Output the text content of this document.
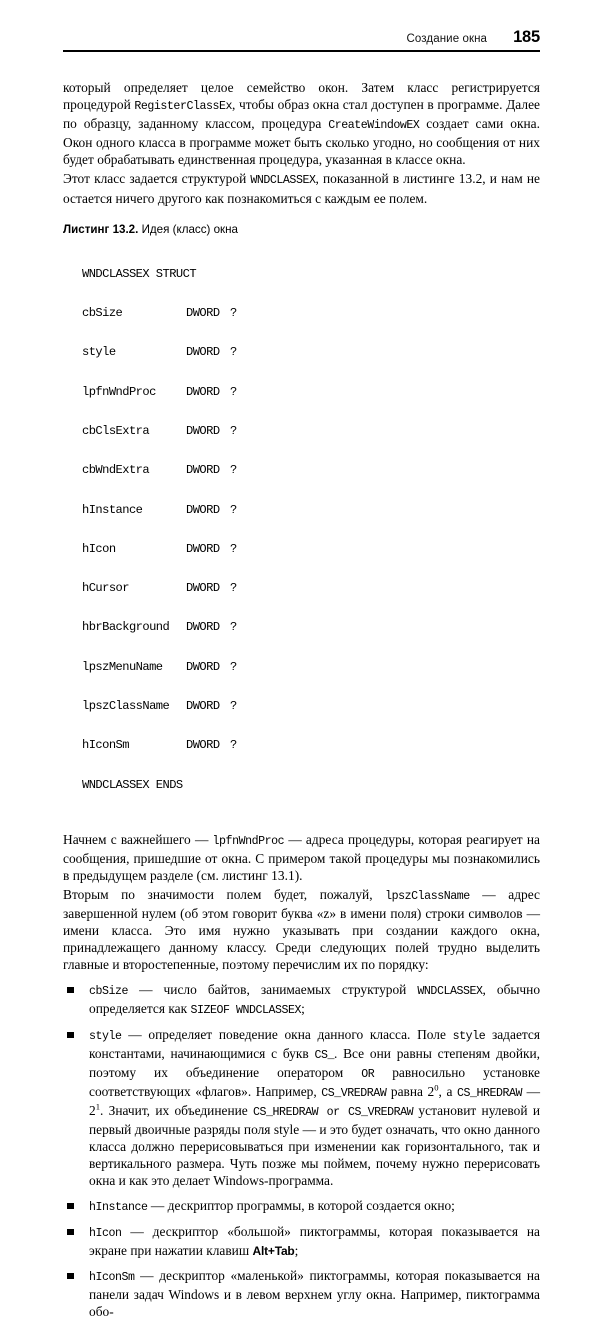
Создание окна 185

который определяет целое семейство окон. Затем класс регистрируется процедурой RegisterClassEx, чтобы образ окна стал доступен в программе. Далее по образцу, заданному классом, процедура CreateWindowEX создает сами окна. Окон одного класса в программе может быть сколько угодно, но сообщения от них будет обрабатывать единственная процедура, указанная в классе окна.

Этот класс задается структурой WNDCLASSEX, показанной в листинге 13.2, и нам не остается ничего другого как познакомиться с каждым ее полем.

Листинг 13.2. Идея (класс) окна

WNDCLASSEX STRUCT

cbSize	DWORD ?

style	DWORD ?

lpfnWndProc DWORD ?

cbClsExtra	DWORD ?

cbWndExtra	DWORD ?

hInstance	DWORD ?

hIcon	DWORD ?

hCursor	DWORD ?

hbrBackground DWORD ?

lpszMenuName DWORD ?

lpszClassName DWORD ?

hIconSm	DWORD ?

WNDCLASSEX ENDS

Начнем с важнейшего — lpfnWndProc — адреса процедуры, которая реагирует на сообщения, пришедшие от окна. С примером такой процедуры мы познакомились в предыдущем разделе (см. листинг 13.1).

Вторым по значимости полем будет, пожалуй, lpszClassName — адрес завершенной нулем (об этом говорит буква «z» в имени поля) строки символов — имени класса. Это имя нужно указывать при создании каждого окна, принадлежащего данному классу. Среди следующих полей трудно выделить главные и второстепенные, поэтому перечислим их по порядку:

cbSize — число байтов, занимаемых структурой WNDCLASSEX, обычно определяется как SIZEOF WNDCLASSEX;
style — определяет поведение окна данного класса. Поле style задается константами, начинающимися с букв CS_. Все они равны степеням двойки, поэтому их объединение оператором OR равносильно установке соответствующих «флагов». Например, CS_VREDRAW равна $2^0$, а CS_HREDRAW — $2^1$. Значит, их объединение CS_HREDRAW or CS_VREDRAW установит нулевой и первый двоичные разряды поля style — и это будет означать, что окно данного класса должно перерисовываться при изменении как горизонтального, так и вертикального размера. Чуть позже мы поймем, почему нужно перерисовать окна и как это делает Windows-программа.
hInstance — дескриптор программы, в которой создается окно;
hIcon — дескриптор «большой» пиктограммы, которая показывается на экране при нажатии клавиш Alt+Tab;
hIconSm — дескриптор «маленькой» пиктограммы, которая показывается на панели задач Windows и в левом верхнем углу окна. Например, пиктограмма обо-
